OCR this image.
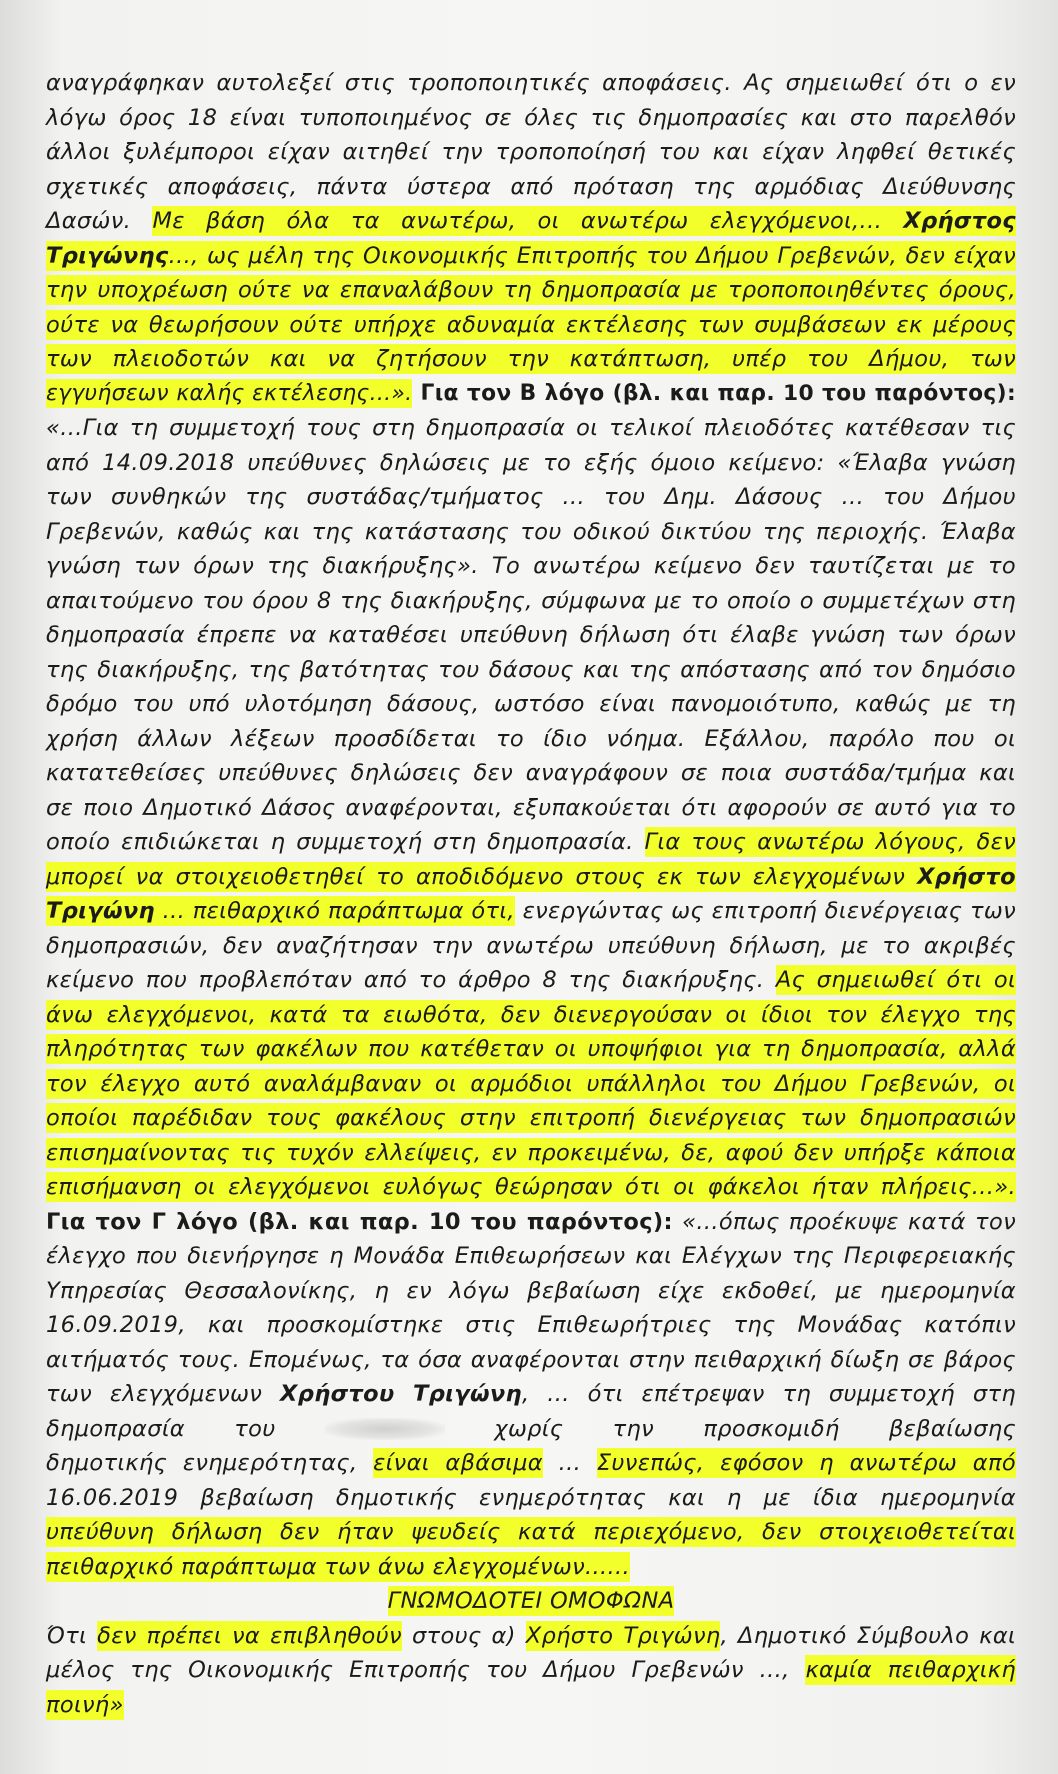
αναγράφηκαν αυτολεξεί στις τροποποιητικές αποφάσεις. Ας σημειωθεί ότι ο εν
λόγω όρος 18 είναι τυποποιημένος σε όλες τις δημοπρασίες και στο παρελθόν
άλλοι ξυλέμποροι είχαν αιτηθεί την τροποποίησή του και είχαν ληφθεί θετικές
σχετικές αποφάσεις, πάντα ύστερα από πρόταση της αρμόδιας Διεύθυνσης
Δασών. Με βάση όλα τα ανωτέρω, οι ανωτέρω ελεγχόμενοι,... Χρήστος
Τριγώνης..., ως μέλη της Οικονομικής Επιτροπής του Δήμου Γρεβενών, δεν είχαν
την υποχρέωση ούτε να επαναλάβουν τη δημοπρασία με τροποποιηθέντες όρους,
ούτε να θεωρήσουν ούτε υπήρχε αδυναμία εκτέλεσης των συμβάσεων εκ μέρους
των πλειοδοτών και να ζητήσουν την κατάπτωση, υπέρ του Δήμου, των
εγγυήσεων καλής εκτέλεσης...». Για τον Β λόγο (βλ. και παρ. 10 του παρόντος):
«...Για τη συμμετοχή τους στη δημοπρασία οι τελικοί πλειοδότες κατέθεσαν τις
από 14.09.2018 υπεύθυνες δηλώσεις με το εξής όμοιο κείμενο: «Έλαβα γνώση
των συνθηκών της συστάδας/τμήματος ... του Δημ. Δάσους ... του Δήμου
Γρεβενών, καθώς και της κατάστασης του οδικού δικτύου της περιοχής. Έλαβα
γνώση των όρων της διακήρυξης». Το ανωτέρω κείμενο δεν ταυτίζεται με το
απαιτούμενο του όρου 8 της διακήρυξης, σύμφωνα με το οποίο ο συμμετέχων στη
δημοπρασία έπρεπε να καταθέσει υπεύθυνη δήλωση ότι έλαβε γνώση των όρων
της διακήρυξης, της βατότητας του δάσους και της απόστασης από τον δημόσιο
δρόμο του υπό υλοτόμηση δάσους, ωστόσο είναι πανομοιότυπο, καθώς με τη
χρήση άλλων λέξεων προσδίδεται το ίδιο νόημα. Εξάλλου, παρόλο που οι
κατατεθείσες υπεύθυνες δηλώσεις δεν αναγράφουν σε ποια συστάδα/τμήμα και
σε ποιο Δημοτικό Δάσος αναφέρονται, εξυπακούεται ότι αφορούν σε αυτό για το
οποίο επιδιώκεται η συμμετοχή στη δημοπρασία. Για τους ανωτέρω λόγους, δεν
μπορεί να στοιχειοθετηθεί το αποδιδόμενο στους εκ των ελεγχομένων Χρήστο
Τριγώνη ... πειθαρχικό παράπτωμα ότι, ενεργώντας ως επιτροπή διενέργειας των
δημοπρασιών, δεν αναζήτησαν την ανωτέρω υπεύθυνη δήλωση, με το ακριβές
κείμενο που προβλεπόταν από το άρθρο 8 της διακήρυξης. Ας σημειωθεί ότι οι
άνω ελεγχόμενοι, κατά τα ειωθότα, δεν διενεργούσαν οι ίδιοι τον έλεγχο της
πληρότητας των φακέλων που κατέθεταν οι υποψήφιοι για τη δημοπρασία, αλλά
τον έλεγχο αυτό αναλάμβαναν οι αρμόδιοι υπάλληλοι του Δήμου Γρεβενών, οι
οποίοι παρέδιδαν τους φακέλους στην επιτροπή διενέργειας των δημοπρασιών
επισημαίνοντας τις τυχόν ελλείψεις, εν προκειμένω, δε, αφού δεν υπήρξε κάποια
επισήμανση οι ελεγχόμενοι ευλόγως θεώρησαν ότι οι φάκελοι ήταν πλήρεις...».
Για τον Γ λόγο (βλ. και παρ. 10 του παρόντος): «...όπως προέκυψε κατά τον
έλεγχο που διενήργησε η Μονάδα Επιθεωρήσεων και Ελέγχων της Περιφερειακής
Υπηρεσίας Θεσσαλονίκης, η εν λόγω βεβαίωση είχε εκδοθεί, με ημερομηνία
16.09.2019, και προσκομίστηκε στις Επιθεωρήτριες της Μονάδας κατόπιν
αιτήματός τους. Επομένως, τα όσα αναφέρονται στην πειθαρχική δίωξη σε βάρος
των ελεγχόμενων Χρήστου Τριγώνη, ... ότι επέτρεψαν τη συμμετοχή στη
δημοπρασία του	χωρίς την προσκομιδή βεβαίωσης
δημοτικής ενημερότητας, είναι αβάσιμα ... Συνεπώς, εφόσον η ανωτέρω από
16.06.2019 βεβαίωση δημοτικής ενημερότητας και η με ίδια ημερομηνία
υπεύθυνη δήλωση δεν ήταν ψευδείς κατά περιεχόμενο, δεν στοιχειοθετείται
πειθαρχικό παράπτωμα των άνω ελεγχομένων......
ΓΝΩΜΟΔΟΤΕΙ ΟΜΟΦΩΝΑ
Ότι δεν πρέπει να επιβληθούν στους α) Χρήστο Τριγώνη, Δημοτικό Σύμβουλο και
μέλος της Οικονομικής Επιτροπής του Δήμου Γρεβενών ..., καμία πειθαρχική
ποινή»
